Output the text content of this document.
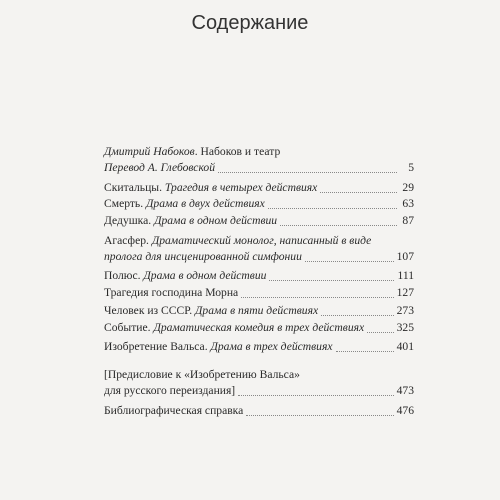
Содержание
Дмитрий Набоков. Набоков и театр
Перевод А. Глебовской	5
Скитальцы. Трагедия в четырех действиях	29
Смерть. Драма в двух действиях	63
Дедушка. Драма в одном действии	87
Агасфер. Драматический монолог, написанный в виде
пролога для инсценированной симфонии	107
Полюс. Драма в одном действии	111
Трагедия господина Морна	127
Человек из СССР. Драма в пяти действиях	273
Событие. Драматическая комедия в трех действиях	325
Изобретение Вальса. Драма в трех действиях	401
[Предисловие к «Изобретению Вальса»
для русского переиздания]	473
Библиографическая справка	476
